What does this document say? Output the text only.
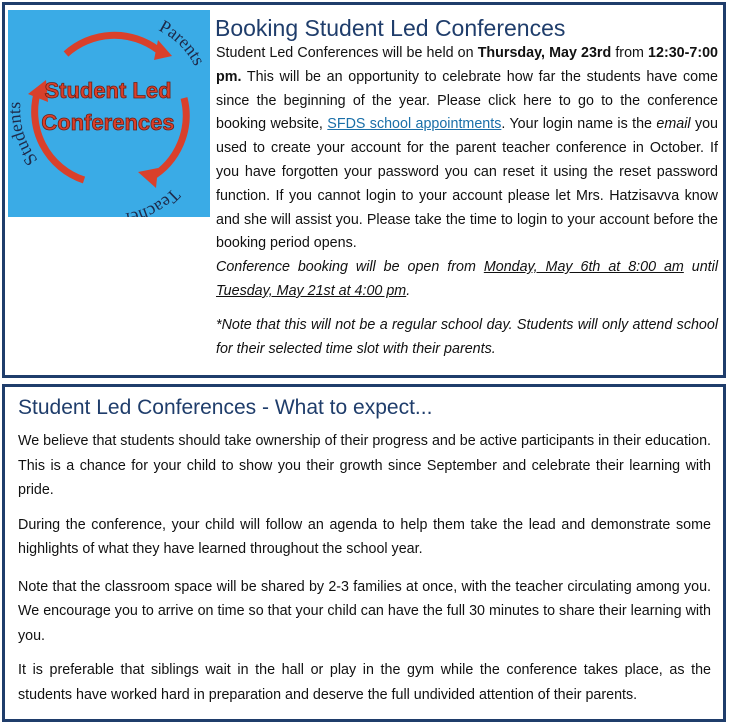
Student Led
Conferences
Stud
Parents
Teach
Booking Student Led Conferences

Student Led Conferences will be held on Thursday, May 23rd from 12:30-7:00 pm. This will be an opportunity to celebrate how far the students have come since the beginning of the year. Please click here to go to the conference booking website, SFDS school appointments. Your login name is the email you used to create your account for the parent teacher conference in October. If you have forgotten your password you can reset it using the reset password function. If you cannot login to your account please let Mrs. Hatzisavva know and she will assist you. Please take the time to login to your account before the booking period opens.

Conference booking will be open from Monday, May 6th at 8:00 am until Tuesday, May 21st at 4:00 pm.

*Note that this will not be a regular school day. Students will only attend school for their selected time slot with their parents.

Student Led Conferences - What to expect...

We believe that students should take ownership of their progress and be active participants in their education. This is a chance for your child to show you their growth since September and celebrate their learning with pride.

During the conference, your child will follow an agenda to help them take the lead and demonstrate some highlights of what they have learned throughout the school year.

Note that the classroom space will be shared by 2-3 families at once, with the teacher circulating among you. We encourage you to arrive on time so that your child can have the full 30 minutes to share their learning with you.

It is preferable that siblings wait in the hall or play in the gym while the conference takes place, as the students have worked hard in preparation and deserve the full undivided attention of their parents.
